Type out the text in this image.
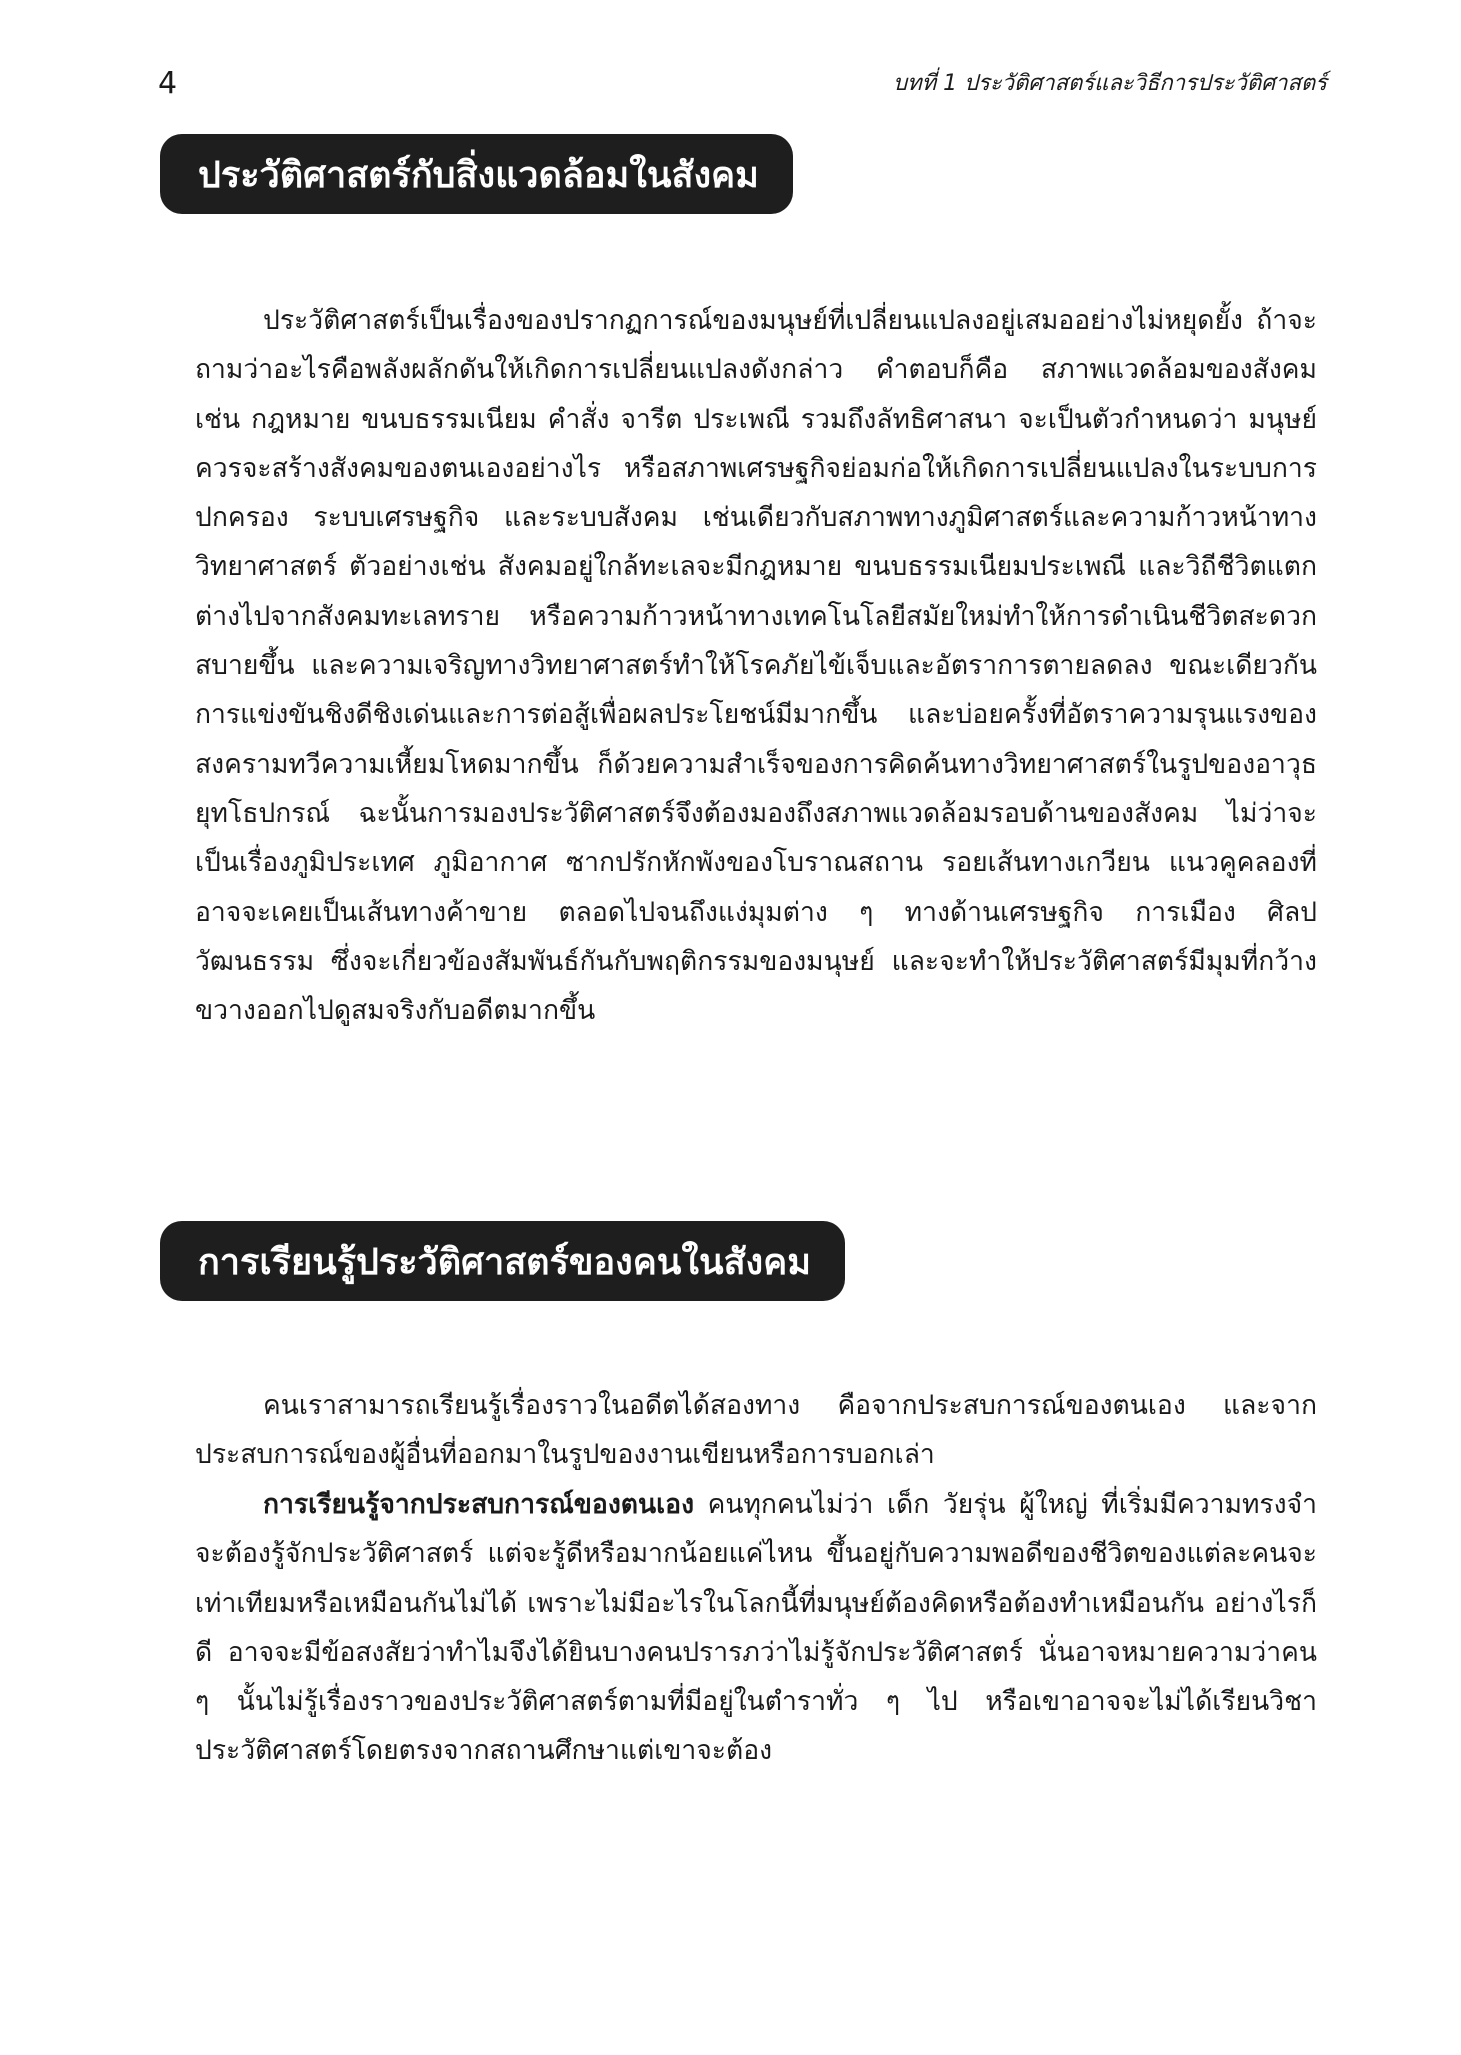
4	บทที่ 1 ประวัติศาสตร์และวิธีการประวัติศาสตร์
ประวัติศาสตร์กับสิ่งแวดล้อมในสังคม

ประวัติศาสตร์เป็นเรื่องของปรากฏการณ์ของมนุษย์ที่เปลี่ยนแปลงอยู่เสมออย่างไม่หยุดยั้ง ถ้าจะถามว่าอะไรคือพลังผลักดันให้เกิดการเปลี่ยนแปลงดังกล่าว คำตอบก็คือ สภาพแวดล้อมของสังคม เช่น กฎหมาย ขนบธรรมเนียม คำสั่ง จารีต ประเพณี รวมถึงลัทธิศาสนา จะเป็นตัวกำหนดว่า มนุษย์ควรจะสร้างสังคมของตนเองอย่างไร หรือสภาพเศรษฐกิจย่อมก่อให้เกิดการเปลี่ยนแปลงในระบบการปกครอง ระบบเศรษฐกิจ และระบบสังคม เช่นเดียวกับสภาพทางภูมิศาสตร์และความก้าวหน้าทางวิทยาศาสตร์ ตัวอย่างเช่น สังคมอยู่ใกล้ทะเลจะมีกฎหมาย ขนบธรรมเนียมประเพณี และวิถีชีวิตแตกต่างไปจากสังคมทะเลทราย หรือความก้าวหน้าทางเทคโนโลยีสมัยใหม่ทำให้การดำเนินชีวิตสะดวกสบายขึ้น และความเจริญทางวิทยาศาสตร์ทำให้โรคภัยไข้เจ็บและอัตราการตายลดลง ขณะเดียวกันการแข่งขันชิงดีชิงเด่นและการต่อสู้เพื่อผลประโยชน์มีมากขึ้น และบ่อยครั้งที่อัตราความรุนแรงของสงครามทวีความเหี้ยมโหดมากขึ้น ก็ด้วยความสำเร็จของการคิดค้นทางวิทยาศาสตร์ในรูปของอาวุธยุทโธปกรณ์ ฉะนั้นการมองประวัติศาสตร์จึงต้องมองถึงสภาพแวดล้อมรอบด้านของสังคม ไม่ว่าจะเป็นเรื่องภูมิประเทศ ภูมิอากาศ ซากปรักหักพังของโบราณสถาน รอยเส้นทางเกวียน แนวคูคลองที่อาจจะเคยเป็นเส้นทางค้าขาย ตลอดไปจนถึงแง่มุมต่าง ๆ ทางด้านเศรษฐกิจ การเมือง ศิลปวัฒนธรรม ซึ่งจะเกี่ยวข้องสัมพันธ์กันกับพฤติกรรมของมนุษย์ และจะทำให้ประวัติศาสตร์มีมุมที่กว้างขวางออกไปดูสมจริงกับอดีตมากขึ้น

การเรียนรู้ประวัติศาสตร์ของคนในสังคม

คนเราสามารถเรียนรู้เรื่องราวในอดีตได้สองทาง คือจากประสบการณ์ของตนเอง และจากประสบการณ์ของผู้อื่นที่ออกมาในรูปของงานเขียนหรือการบอกเล่า

การเรียนรู้จากประสบการณ์ของตนเอง คนทุกคนไม่ว่า เด็ก วัยรุ่น ผู้ใหญ่ ที่เริ่มมีความทรงจำจะต้องรู้จักประวัติศาสตร์ แต่จะรู้ดีหรือมากน้อยแค่ไหน ขึ้นอยู่กับความพอดีของชีวิตของแต่ละคนจะเท่าเทียมหรือเหมือนกันไม่ได้ เพราะไม่มีอะไรในโลกนี้ที่มนุษย์ต้องคิดหรือต้องทำเหมือนกัน อย่างไรก็ดี อาจจะมีข้อสงสัยว่าทำไมจึงได้ยินบางคนปรารภว่าไม่รู้จักประวัติศาสตร์ นั่นอาจหมายความว่าคน ๆ นั้นไม่รู้เรื่องราวของประวัติศาสตร์ตามที่มีอยู่ในตำราทั่ว ๆ ไป หรือเขาอาจจะไม่ได้เรียนวิชาประวัติศาสตร์โดยตรงจากสถานศึกษาแต่เขาจะต้อง
